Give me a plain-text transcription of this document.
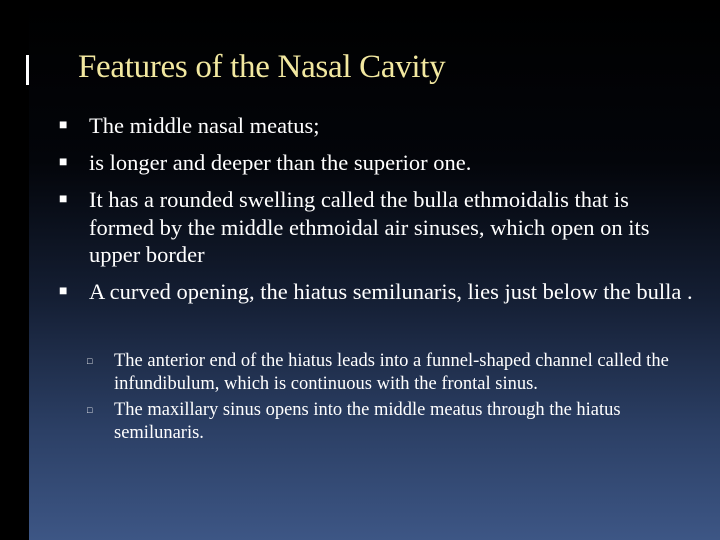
Features of the Nasal Cavity
■ The middle nasal meatus;
■ is longer and deeper than the superior one.
■ It has a rounded swelling called the bulla ethmoidalis that is formed by the middle ethmoidal air sinuses, which open on its upper border
■ A curved opening, the hiatus semilunaris, lies just below the bulla .
□ The anterior end of the hiatus leads into a funnel-shaped channel called the infundibulum, which is continuous with the frontal sinus.
□ The maxillary sinus opens into the middle meatus through the hiatus semilunaris.
